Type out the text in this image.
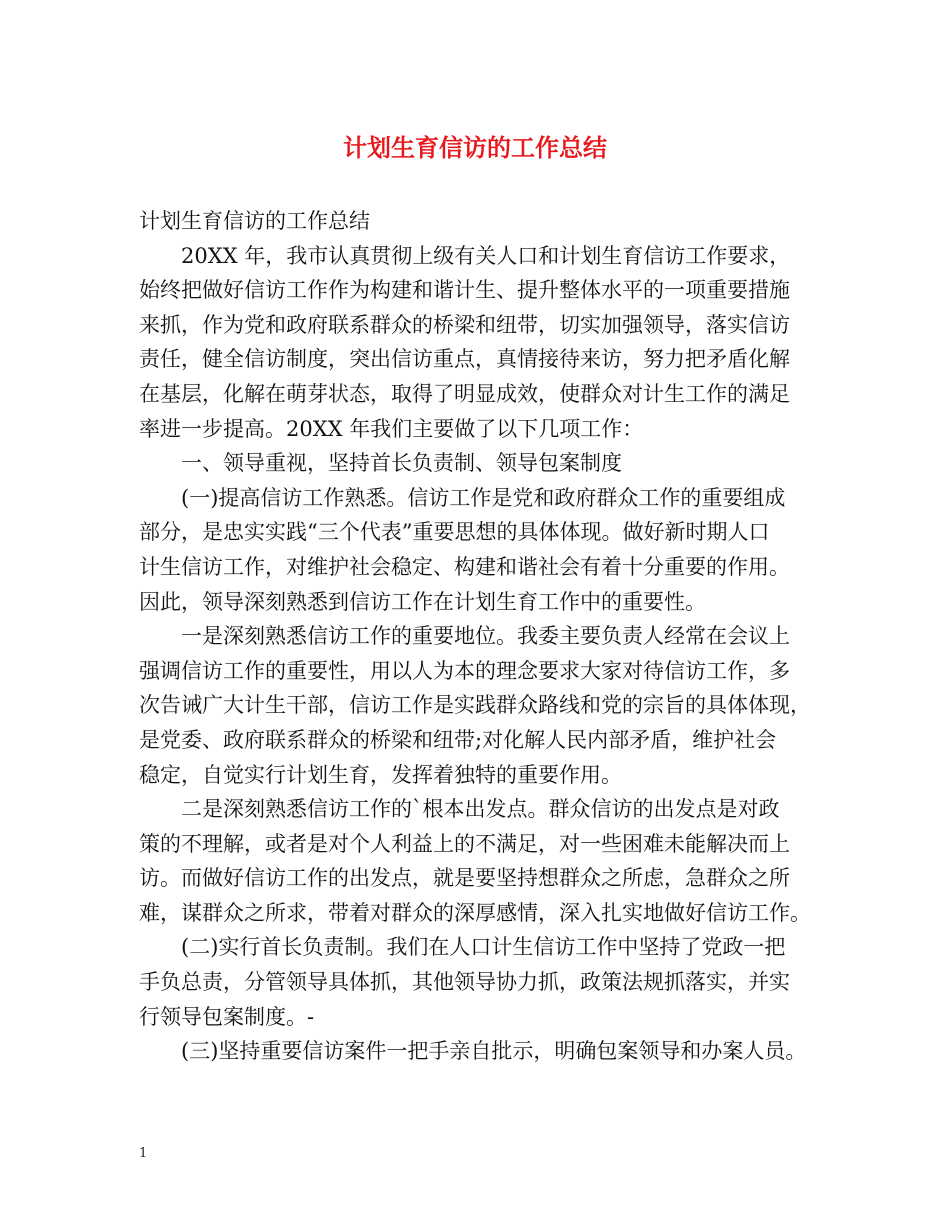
计划生育信访的工作总结

计划生育信访的工作总结

20XX 年，我市认真贯彻上级有关人口和计划生育信访工作要求，

始终把做好信访工作作为构建和谐计生、提升整体水平的一项重要措施

来抓，作为党和政府联系群众的桥梁和纽带，切实加强领导，落实信访

责任，健全信访制度，突出信访重点，真情接待来访，努力把矛盾化解

在基层，化解在萌芽状态，取得了明显成效，使群众对计生工作的满足

率进一步提高。20XX 年我们主要做了以下几项工作：

一、领导重视，坚持首长负责制、领导包案制度

(一)提高信访工作熟悉。信访工作是党和政府群众工作的重要组成

部分，是忠实实践“三个代表”重要思想的具体体现。做好新时期人口

计生信访工作，对维护社会稳定、构建和谐社会有着十分重要的作用。

因此，领导深刻熟悉到信访工作在计划生育工作中的重要性。

一是深刻熟悉信访工作的重要地位。我委主要负责人经常在会议上

强调信访工作的重要性，用以人为本的理念要求大家对待信访工作，多

次告诫广大计生干部，信访工作是实践群众路线和党的宗旨的具体体现，

是党委、政府联系群众的桥梁和纽带;对化解人民内部矛盾，维护社会

稳定，自觉实行计划生育，发挥着独特的重要作用。

二是深刻熟悉信访工作的`根本出发点。群众信访的出发点是对政

策的不理解，或者是对个人利益上的不满足，对一些困难未能解决而上

访。而做好信访工作的出发点，就是要坚持想群众之所虑，急群众之所

难，谋群众之所求，带着对群众的深厚感情，深入扎实地做好信访工作。

(二)实行首长负责制。我们在人口计生信访工作中坚持了党政一把

手负总责，分管领导具体抓，其他领导协力抓，政策法规抓落实，并实

行领导包案制度。-

(三)坚持重要信访案件一把手亲自批示，明确包案领导和办案人员。

1
